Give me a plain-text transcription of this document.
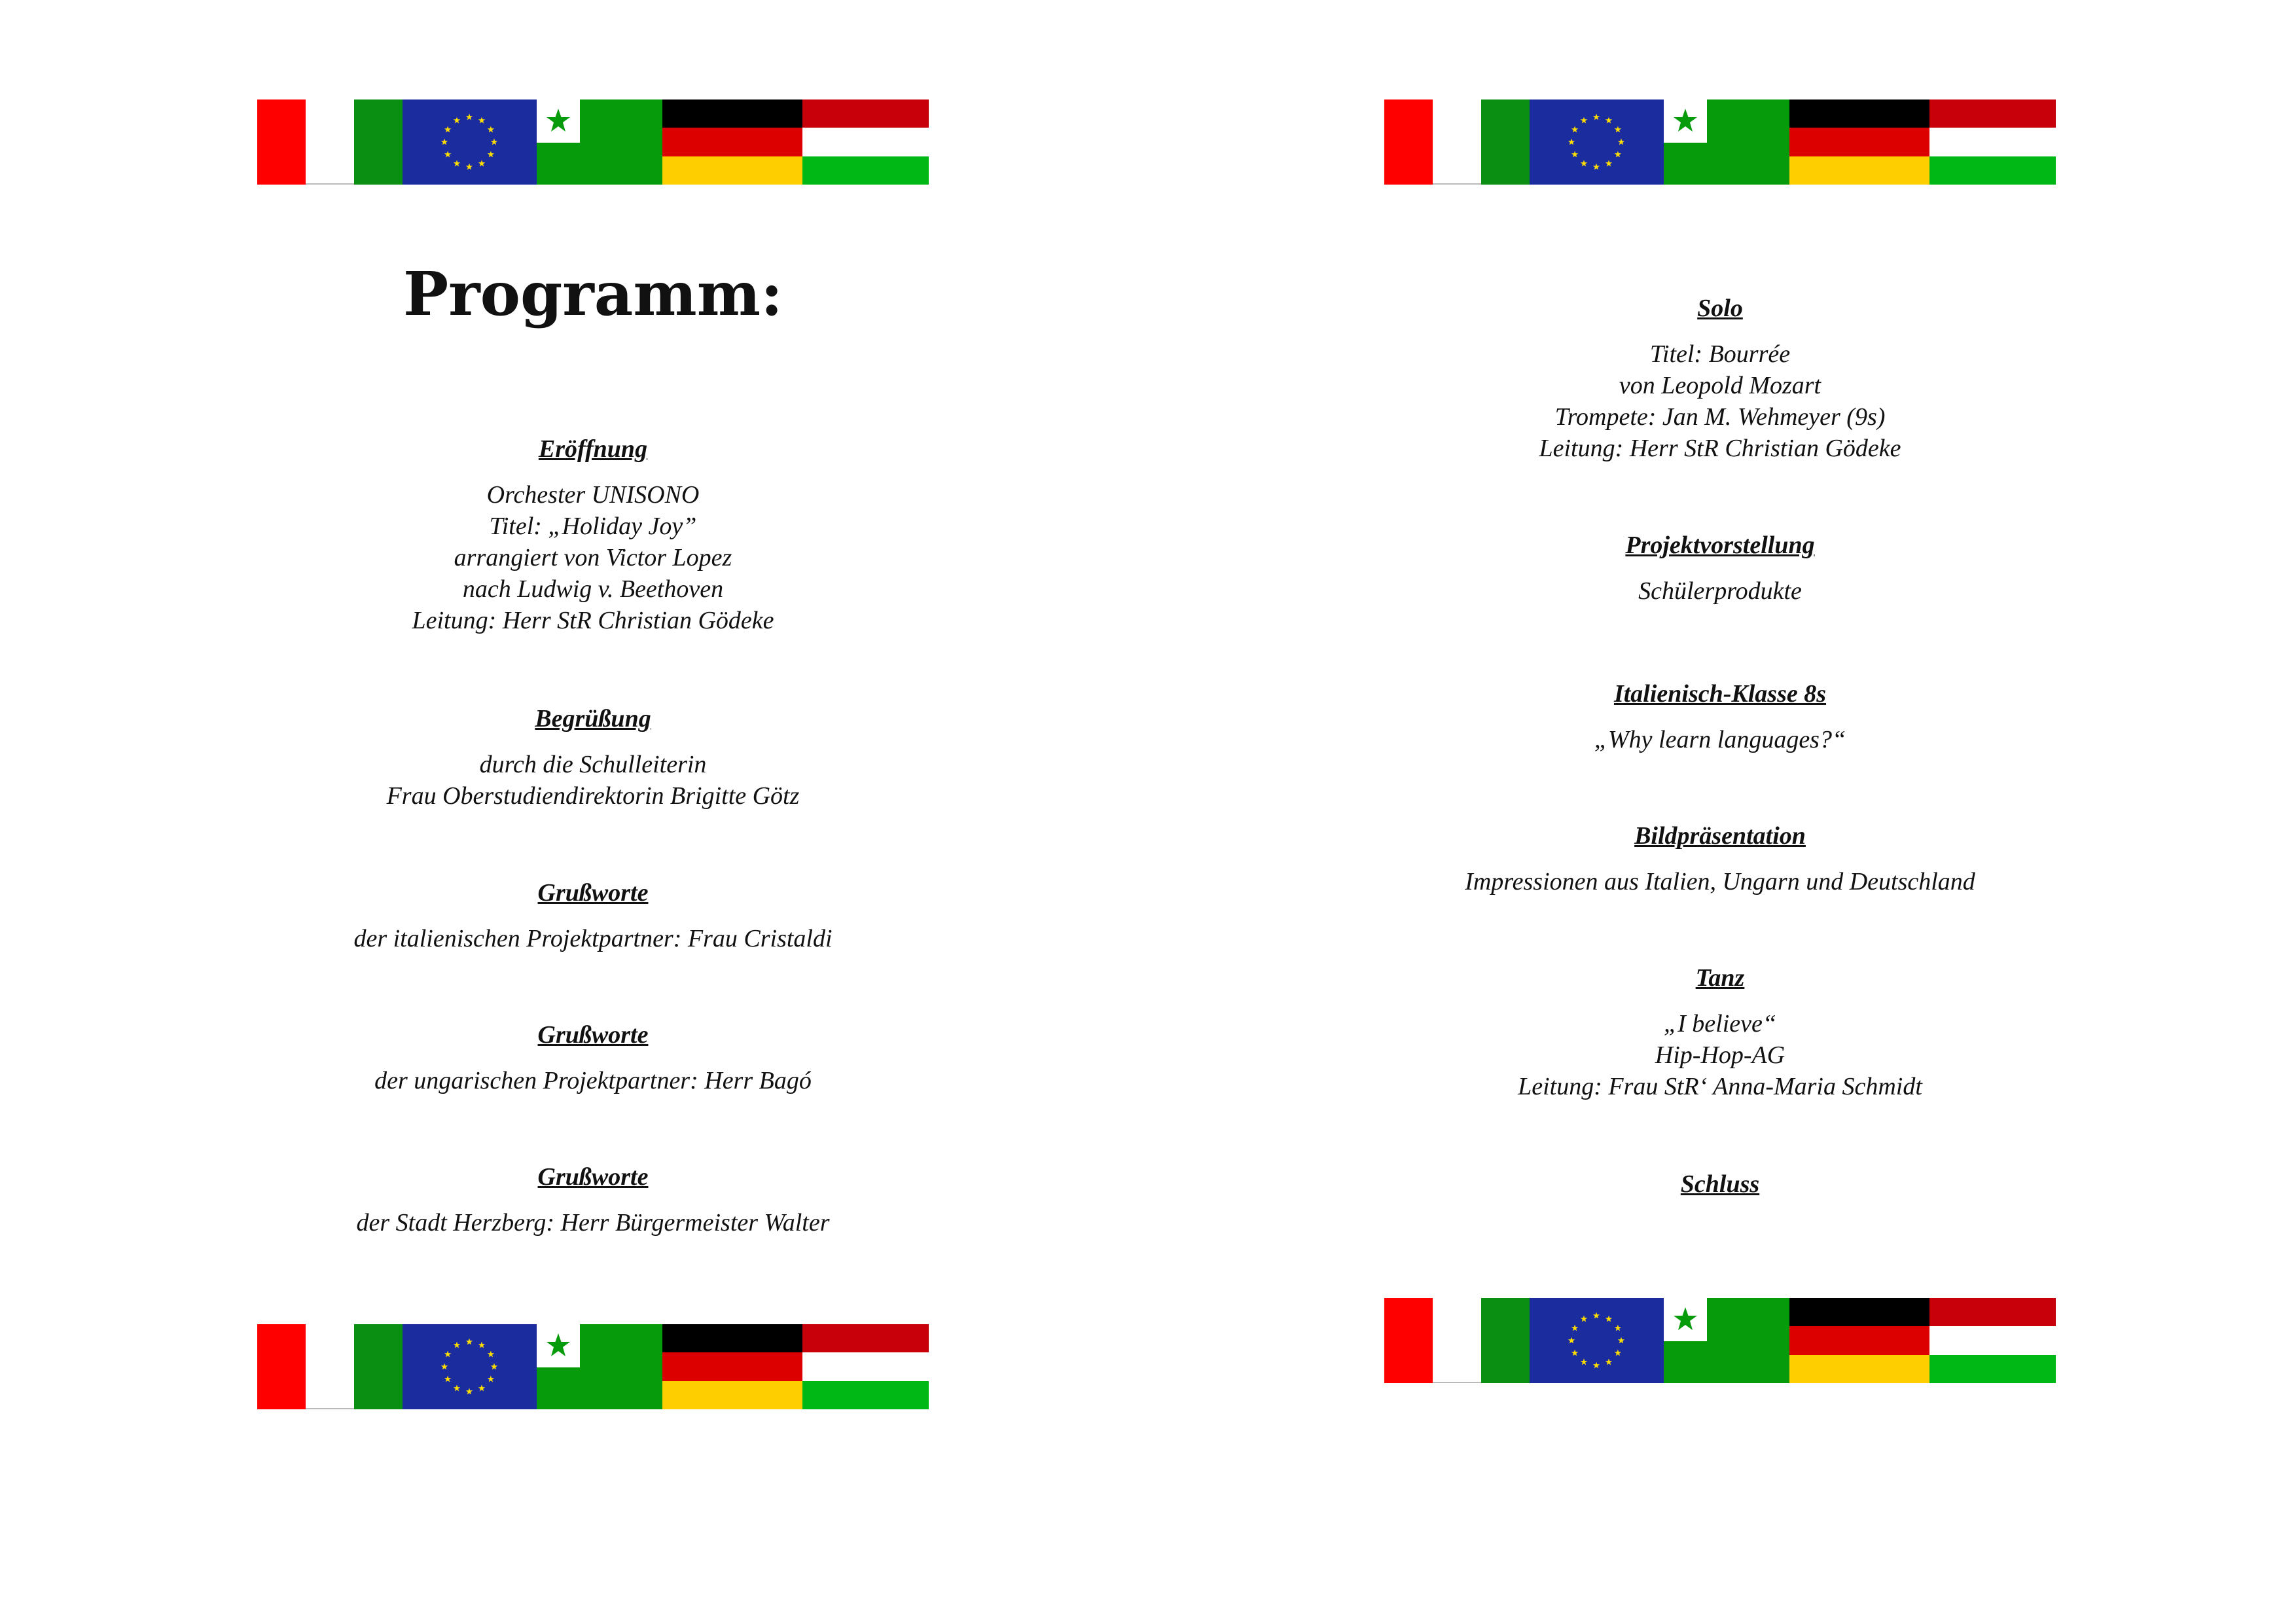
Programm:
Eröffnung
Orchester UNISONO
Titel: „Holiday Joy”
arrangiert von Victor Lopez
nach Ludwig v. Beethoven
Leitung: Herr StR Christian Gödeke
Begrüßung
durch die Schulleiterin
Frau Oberstudiendirektorin Brigitte Götz
Grußworte
der italienischen Projektpartner: Frau Cristaldi
Grußworte
der ungarischen Projektpartner: Herr Bagó
Grußworte
der Stadt Herzberg: Herr Bürgermeister Walter
Solo
Titel: Bourrée
von Leopold Mozart
Trompete: Jan M. Wehmeyer (9s)
Leitung: Herr StR Christian Gödeke
Projektvorstellung
Schülerprodukte
Italienisch-Klasse 8s
„Why learn languages?“
Bildpräsentation
Impressionen aus Italien, Ungarn und Deutschland
Tanz
„I believe“
Hip-Hop-AG
Leitung: Frau StR‘ Anna-Maria Schmidt
Schluss
